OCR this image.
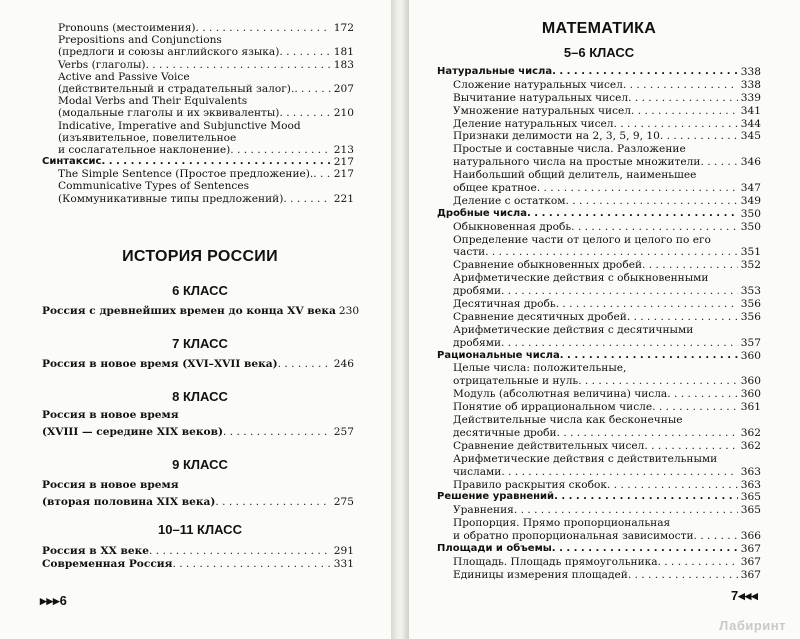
Pronouns (местоимения) . . .	172
Prepositions and Conjunctions
(предлоги и союзы английского языка) . . .	181
Verbs (глаголы) . . .	183
Active and Passive Voice
(действительный и страдательный залог). . . .	207
Modal Verbs and Their Equivalents
(модальные глаголы и их эквиваленты) . . .	210
Indicative, Imperative and Subjunctive Mood
(изъявительное, повелительное
и сослагательное наклонение) . . .	213
Синтаксис . . .	217
The Simple Sentence (Простое предложение). . . . 217
Communicative Types of Sentences
(Коммуникативные типы предложений) . . .	221
ИСТОРИЯ РОССИИ
6 КЛАСС
Россия с древнейших времен до конца XV века 230
7 КЛАСС
Россия в новое время (XVI–XVII века) . . .	246
8 КЛАСС
Россия в новое время
(XVIII — середине XIX веков) . . .	257
9 КЛАСС
Россия в новое время
(вторая половина XIX века) . . .	275
10–11 КЛАСС
Россия в XX веке . . .	291
Современная Россия . . .	331
▸▸▸6
МАТЕМАТИКА
5–6 КЛАСС
Натуральные числа . . .	338
Сложение натуральных чисел . . .	338
Вычитание натуральных чисел . . .	339
Умножение натуральных чисел . . .	341
Деление натуральных чисел . . .	344
Признаки делимости на 2, 3, 5, 9, 10 . . .	345
Простые и составные числа. Разложение
натурального числа на простые множители . . .	346
Наибольший общий делитель, наименьшее
общее кратное . . .	347
Деление с остатком . . .	349
Дробные числа . . .	350
Обыкновенная дробь . . .	350
Определение части от целого и целого по его
части . . .	351
Сравнение обыкновенных дробей . . .	352
Арифметические действия с обыкновенными
дробями . . .	353
Десятичная дробь . . .	356
Сравнение десятичных дробей . . .	356
Арифметические действия с десятичными
дробями . . .	357
Рациональные числа . . .	360
Целые числа: положительные,
отрицательные и нуль . . .	360
Модуль (абсолютная величина) числа . . .	360
Понятие об иррациональном числе . . .	361
Действительные числа как бесконечные
десятичные дроби . . .	362
Сравнение действительных чисел . . .	362
Арифметические действия с действительными
числами . . .	363
Правило раскрытия скобок . . .	363
Решение уравнений . . .	365
Уравнения . . .	365
Пропорция. Прямо пропорциональная
и обратно пропорциональная зависимости . . .	366
Площади и объемы . . .	367
Площадь. Площадь прямоугольника . . .	367
Единицы измерения площадей . . .	367
7◂◂◂
Лабиринт
